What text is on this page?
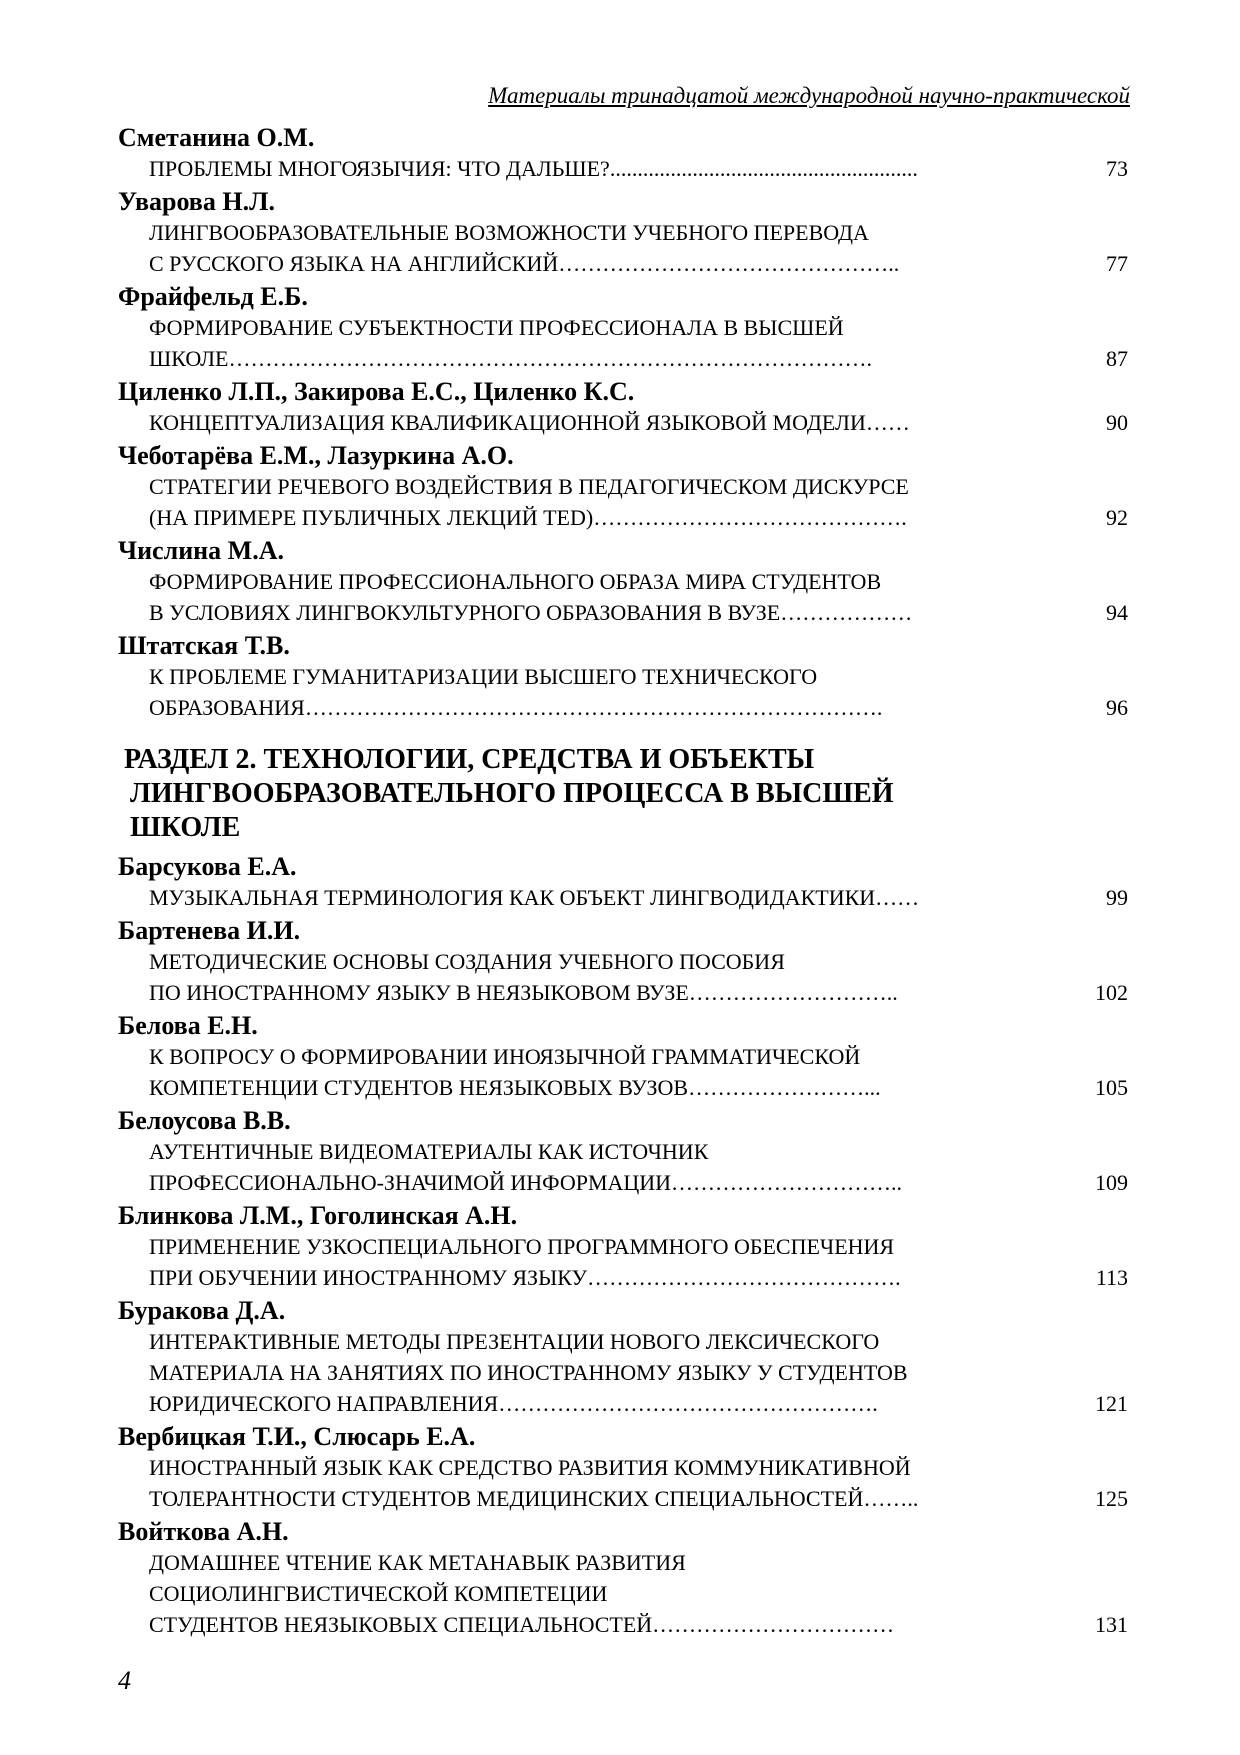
Материалы тринадцатой международной научно-практической
Сметанина О.М.
ПРОБЛЕМЫ МНОГОЯЗЫЧИЯ: ЧТО ДАЛЬШЕ?........................................................	73
Уварова Н.Л.
ЛИНГВООБРАЗОВАТЕЛЬНЫЕ ВОЗМОЖНОСТИ УЧЕБНОГО ПЕРЕВОДА
С РУССКОГО ЯЗЫКА НА АНГЛИЙСКИЙ………………………………………..	77
Фрайфельд Е.Б.
ФОРМИРОВАНИЕ СУБЪЕКТНОСТИ ПРОФЕССИОНАЛА В ВЫСШЕЙ
ШКОЛЕ…………………………………………………………………………….	87
Циленко Л.П., Закирова Е.С., Циленко К.С.
КОНЦЕПТУАЛИЗАЦИЯ КВАЛИФИКАЦИОННОЙ ЯЗЫКОВОЙ МОДЕЛИ……	90
Чеботарёва Е.М., Лазуркина А.О.
СТРАТЕГИИ РЕЧЕВОГО ВОЗДЕЙСТВИЯ В ПЕДАГОГИЧЕСКОМ ДИСКУРСЕ
(НА ПРИМЕРЕ ПУБЛИЧНЫХ ЛЕКЦИЙ TED)…………………………………….	92
Числина М.А.
ФОРМИРОВАНИЕ ПРОФЕССИОНАЛЬНОГО ОБРАЗА МИРА СТУДЕНТОВ
В УСЛОВИЯХ ЛИНГВОКУЛЬТУРНОГО ОБРАЗОВАНИЯ В ВУЗЕ………………	94
Штатская Т.В.
К ПРОБЛЕМЕ ГУМАНИТАРИЗАЦИИ ВЫСШЕГО ТЕХНИЧЕСКОГО
ОБРАЗОВАНИЯ…………………………………………………………………….	96
РАЗДЕЛ 2. ТЕХНОЛОГИИ, СРЕДСТВА И ОБЪЕКТЫ
ЛИНГВООБРАЗОВАТЕЛЬНОГО ПРОЦЕССА В ВЫСШЕЙ
ШКОЛЕ
Барсукова Е.А.
МУЗЫКАЛЬНАЯ ТЕРМИНОЛОГИЯ КАК ОБЪЕКТ ЛИНГВОДИДАКТИКИ……	99
Бартенева И.И.
МЕТОДИЧЕСКИЕ ОСНОВЫ СОЗДАНИЯ УЧЕБНОГО ПОСОБИЯ
ПО ИНОСТРАННОМУ ЯЗЫКУ В НЕЯЗЫКОВОМ ВУЗЕ………………………..	102
Белова Е.Н.
К ВОПРОСУ О ФОРМИРОВАНИИ ИНОЯЗЫЧНОЙ ГРАММАТИЧЕСКОЙ
КОМПЕТЕНЦИИ СТУДЕНТОВ НЕЯЗЫКОВЫХ ВУЗОВ……………………...	105
Белоусова В.В.
АУТЕНТИЧНЫЕ ВИДЕОМАТЕРИАЛЫ КАК ИСТОЧНИК
ПРОФЕССИОНАЛЬНО-ЗНАЧИМОЙ ИНФОРМАЦИИ…………………………..	109
Блинкова Л.М., Гоголинская А.Н.
ПРИМЕНЕНИЕ УЗКОСПЕЦИАЛЬНОГО ПРОГРАММНОГО ОБЕСПЕЧЕНИЯ
ПРИ ОБУЧЕНИИ ИНОСТРАННОМУ ЯЗЫКУ…………………………………….	113
Буракова Д.А.
ИНТЕРАКТИВНЫЕ МЕТОДЫ ПРЕЗЕНТАЦИИ НОВОГО ЛЕКСИЧЕСКОГО
МАТЕРИАЛА НА ЗАНЯТИЯХ ПО ИНОСТРАННОМУ ЯЗЫКУ У СТУДЕНТОВ
ЮРИДИЧЕСКОГО НАПРАВЛЕНИЯ…………………………………………….	121
Вербицкая Т.И., Слюсарь Е.А.
ИНОСТРАННЫЙ ЯЗЫК КАК СРЕДСТВО РАЗВИТИЯ КОММУНИКАТИВНОЙ
ТОЛЕРАНТНОСТИ СТУДЕНТОВ МЕДИЦИНСКИХ СПЕЦИАЛЬНОСТЕЙ……..	125
Войткова А.Н.
ДОМАШНЕЕ ЧТЕНИЕ КАК МЕТАНАВЫК РАЗВИТИЯ
СОЦИОЛИНГВИСТИЧЕСКОЙ КОМПЕТЕЦИИ
СТУДЕНТОВ НЕЯЗЫКОВЫХ СПЕЦИАЛЬНОСТЕЙ……………………………	131
4
